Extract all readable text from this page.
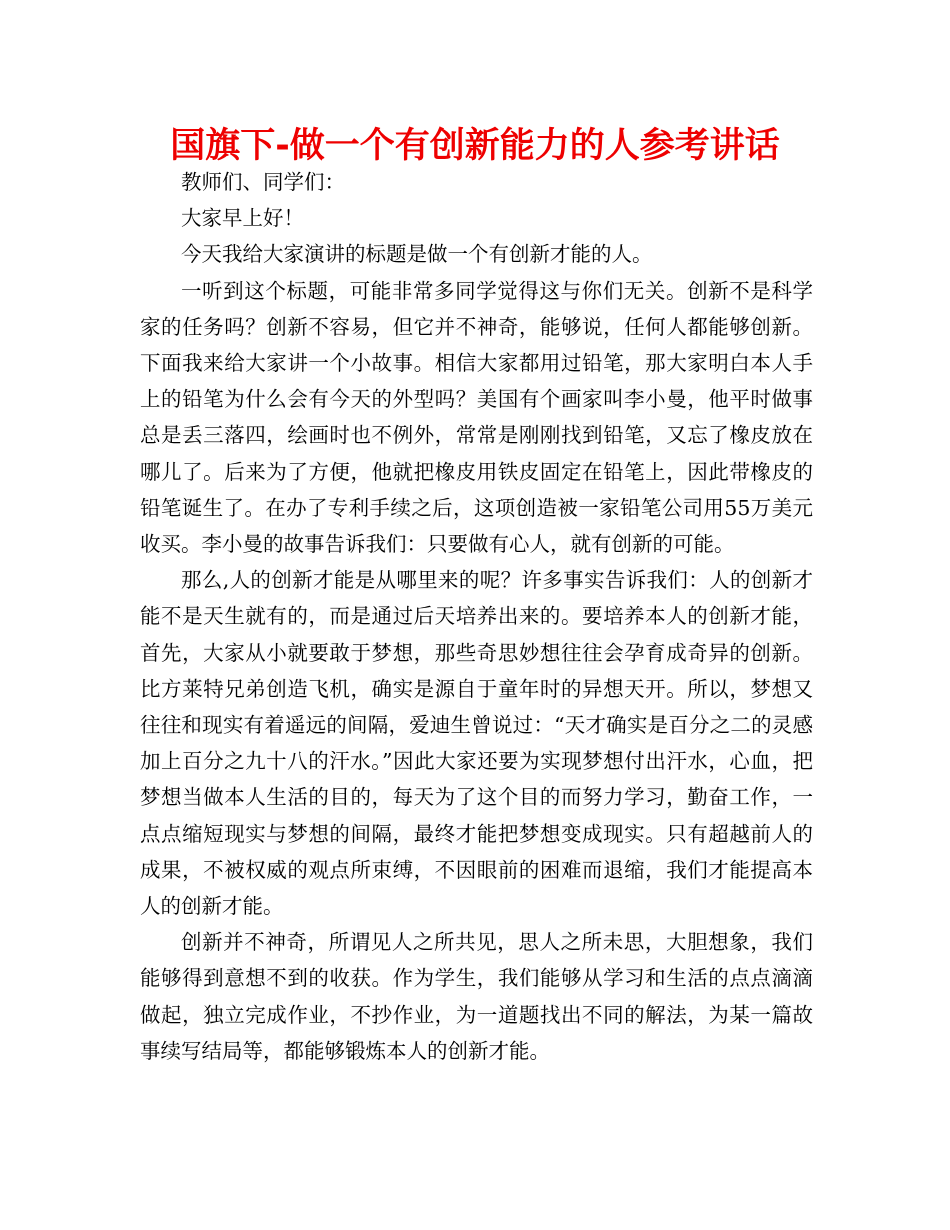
国旗下-做一个有创新能力的人参考讲话

教师们、同学们：

大家早上好！

今天我给大家演讲的标题是做一个有创新才能的人。

一听到这个标题，可能非常多同学觉得这与你们无关。创新不是科学家的任务吗？创新不容易，但它并不神奇，能够说，任何人都能够创新。下面我来给大家讲一个小故事。相信大家都用过铅笔，那大家明白本人手上的铅笔为什么会有今天的外型吗？美国有个画家叫李小曼，他平时做事总是丢三落四，绘画时也不例外，常常是刚刚找到铅笔，又忘了橡皮放在哪儿了。后来为了方便，他就把橡皮用铁皮固定在铅笔上，因此带橡皮的铅笔诞生了。在办了专利手续之后，这项创造被一家铅笔公司用55万美元收买。李小曼的故事告诉我们：只要做有心人，就有创新的可能。

那么,人的创新才能是从哪里来的呢？许多事实告诉我们：人的创新才能不是天生就有的，而是通过后天培养出来的。要培养本人的创新才能，首先，大家从小就要敢于梦想，那些奇思妙想往往会孕育成奇异的创新。比方莱特兄弟创造飞机，确实是源自于童年时的异想天开。所以，梦想又往往和现实有着遥远的间隔，爱迪生曾说过：“天才确实是百分之二的灵感加上百分之九十八的汗水。”因此大家还要为实现梦想付出汗水，心血，把梦想当做本人生活的目的，每天为了这个目的而努力学习，勤奋工作，一点点缩短现实与梦想的间隔，最终才能把梦想变成现实。只有超越前人的成果，不被权威的观点所束缚，不因眼前的困难而退缩，我们才能提高本人的创新才能。

创新并不神奇，所谓见人之所共见，思人之所未思，大胆想象，我们能够得到意想不到的收获。作为学生，我们能够从学习和生活的点点滴滴做起，独立完成作业，不抄作业，为一道题找出不同的解法，为某一篇故事续写结局等，都能够锻炼本人的创新才能。
